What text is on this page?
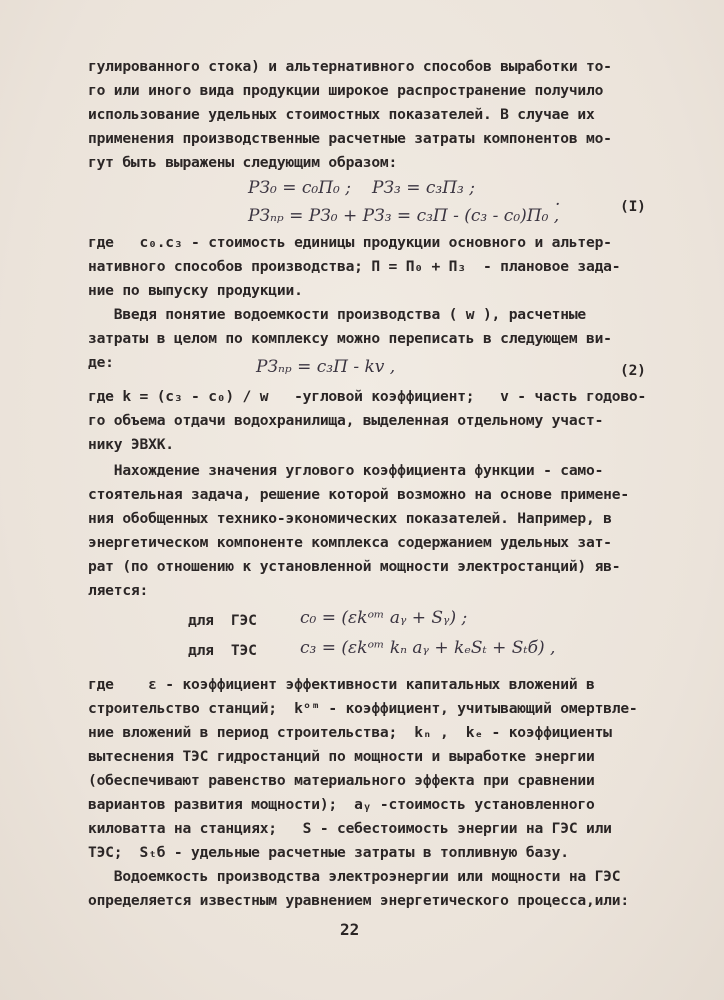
гулированного стока) и альтернативного способов выработки то-

го или иного вида продукции широкое распространение получило

использование удельных стоимостных показателей. В случае их

применения производственные расчетные затраты компонентов мо-

гут быть выражены следующим образом:

РЗ₀ = c₀П₀ ; РЗ₃ = c₃П₃ ;

РЗₙₚ = РЗ₀ + РЗ₃ = c₃П - (c₃ - c₀)П₀ ,

.	(I)

где   c₀.c₃ - стоимость единицы продукции основного и альтер-

нативного способов производства; П = П₀ + П₃  - плановое зада-

ние по выпуску продукции.

Введя понятие водоемкости производства ( w ), расчетные

затраты в целом по комплексу можно переписать в следующем ви-

де:	РЗₙₚ = c₃П - kv ,	(2)

где k = (c₃ - c₀) / w   -угловой коэффициент;   v - часть годово-

го объема отдачи водохранилища, выделенная отдельному участ-

нику ЭВХК.

Нахождение значения углового коэффициента функции - само-

стоятельная задача, решение которой возможно на основе примене-

ния обобщенных технико-экономических показателей. Например, в

энергетическом компоненте комплекса содержанием удельных зат-

рат (по отношению к установленной мощности электростанций) яв-

ляется:

для  ГЭС	c₀ = (εkᵒᵐ aᵧ + Sᵧ) ;

для  ТЭС	c₃ = (εkᵒᵐ kₙ aᵧ + kₑSₜ + Sₜб) ,

где    ε - коэффициент эффективности капитальных вложений в

строительство станций;  kᵒᵐ - коэффициент, учитывающий омертвле-

ние вложений в период строительства;  kₙ ,  kₑ - коэффициенты

вытеснения ТЭС гидростанций по мощности и выработке энергии

(обеспечивают равенство материального эффекта при сравнении

вариантов развития мощности);  aᵧ -стоимость установленного

киловатта на станциях;   S - себестоимость энергии на ГЭС или

ТЭС;  Sₜб - удельные расчетные затраты в топливную базу.

Водоемкость производства электроэнергии или мощности на ГЭС

определяется известным уравнением энергетического процесса,или:

22
